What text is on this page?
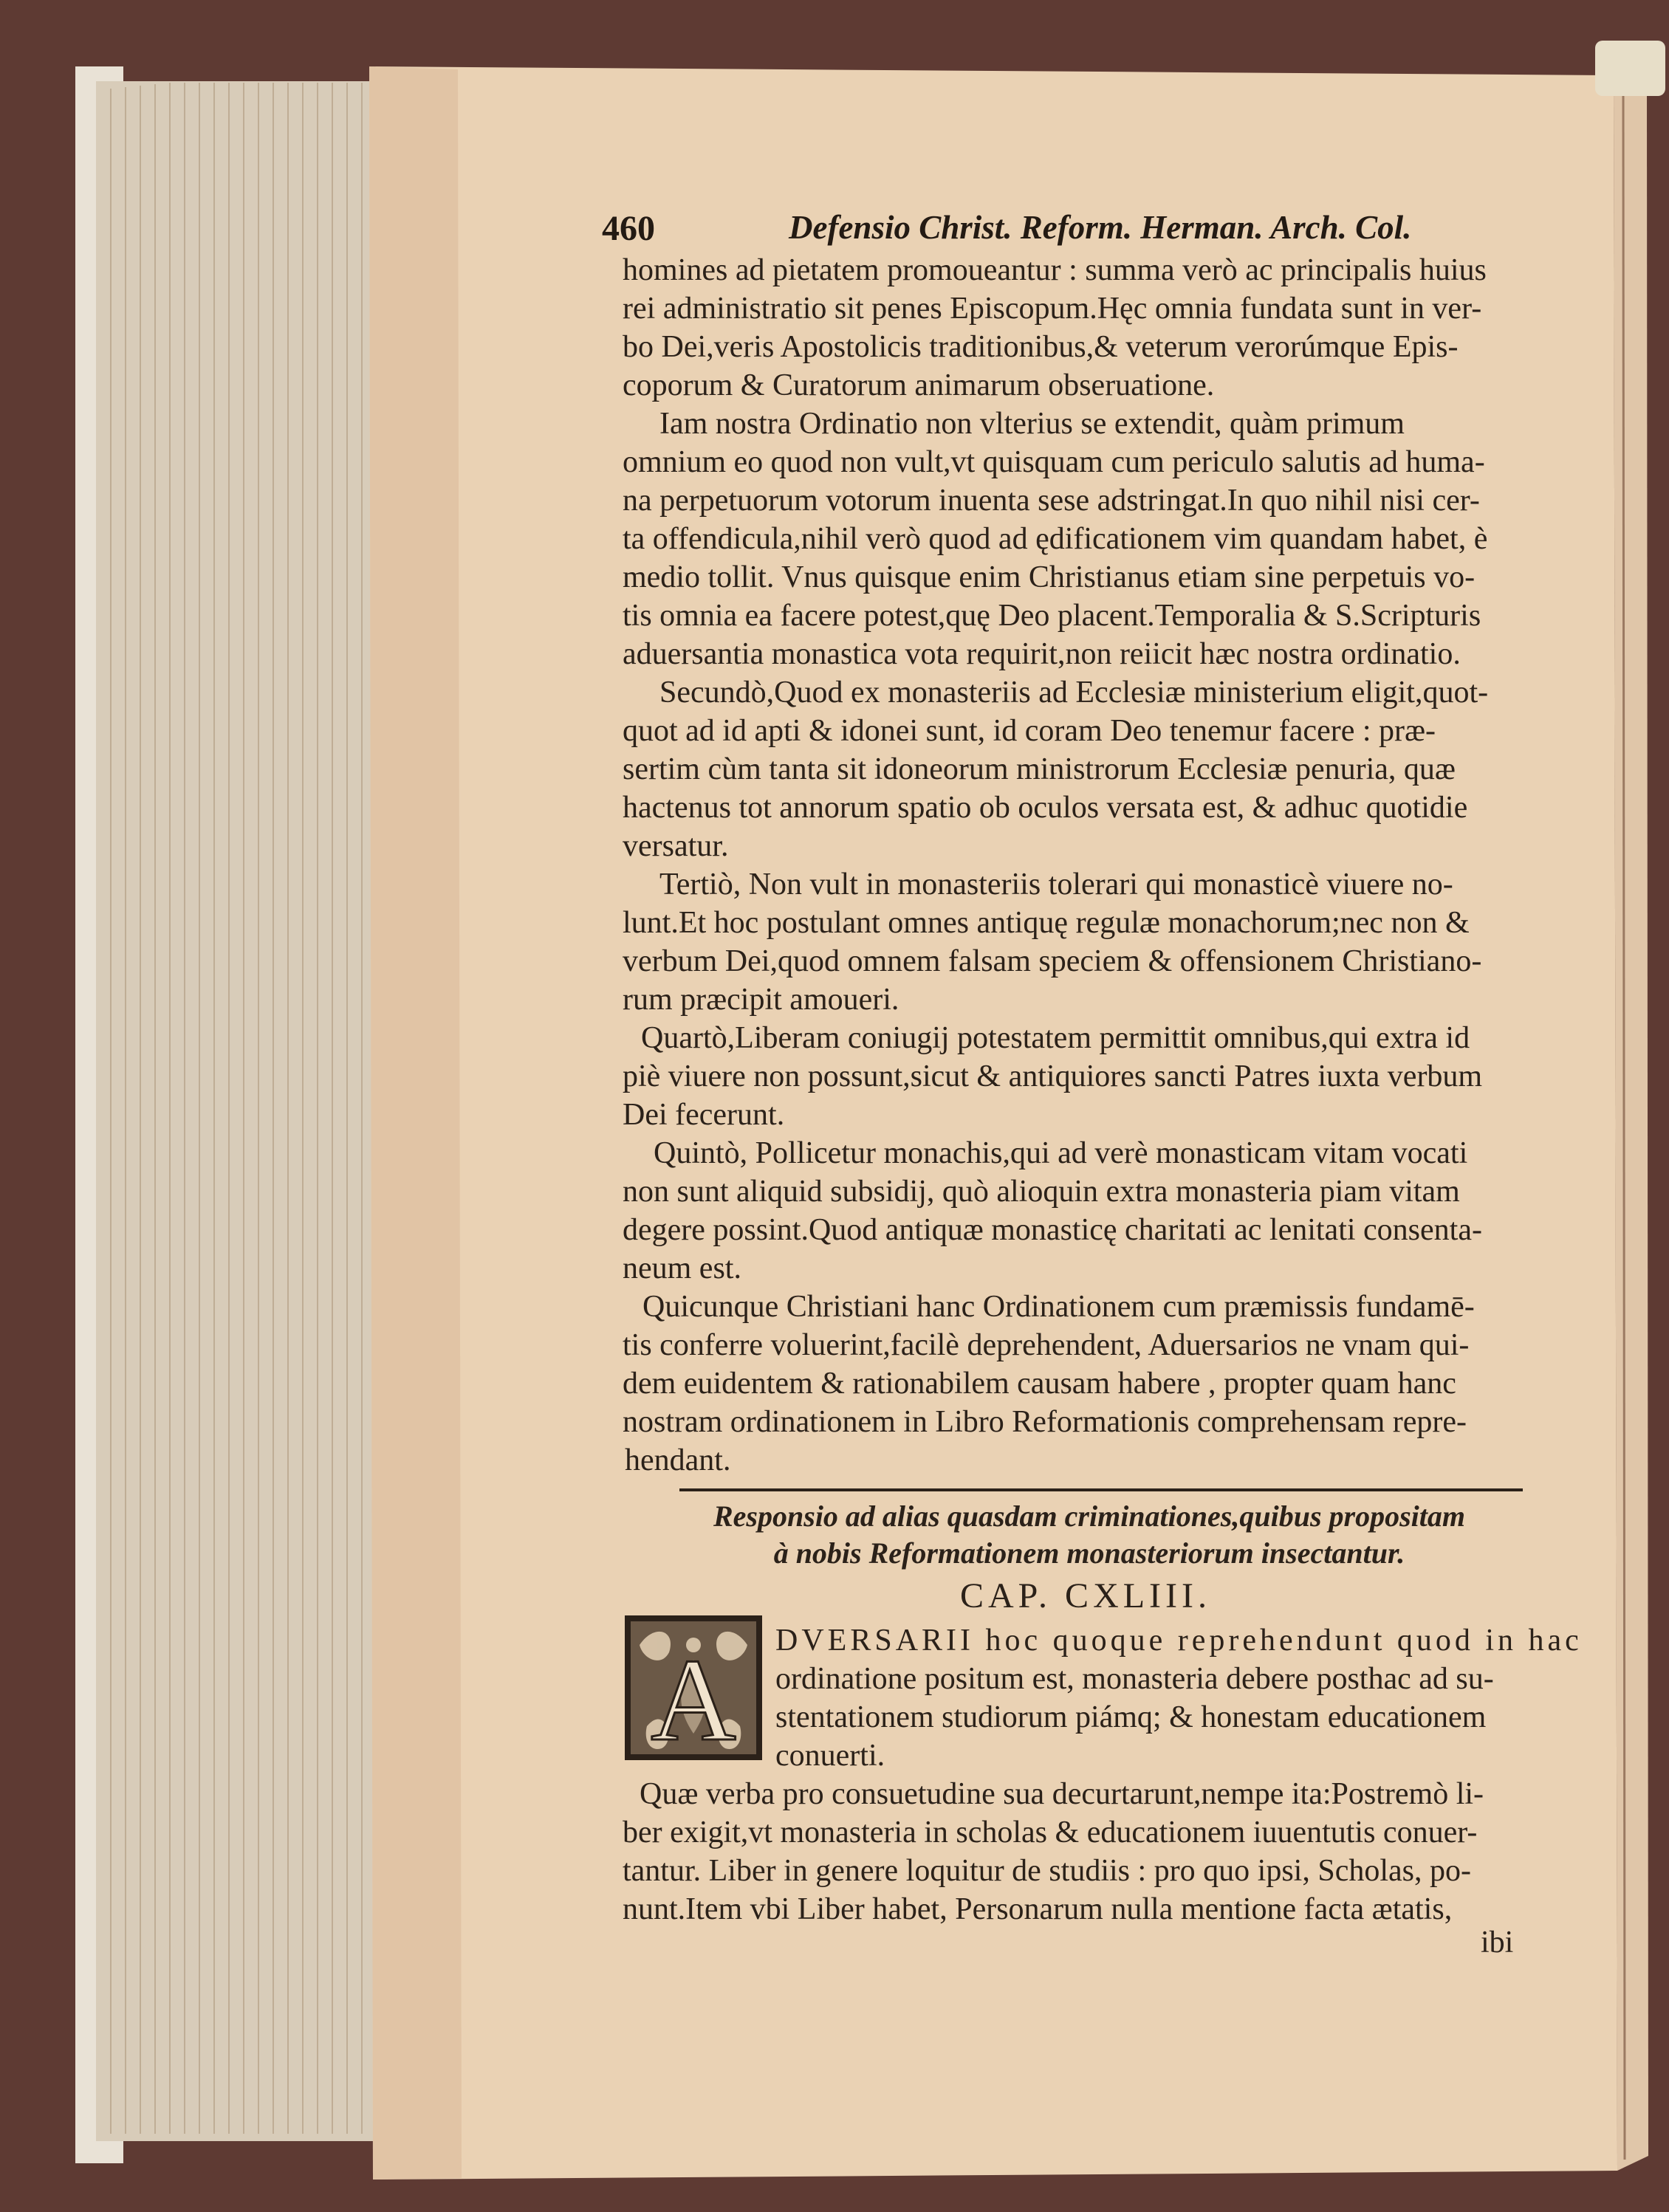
460	Defensio Christ. Reform. Herman. Arch. Col.
homines ad pietatem promoueantur : summa verò ac principalis huius
rei administratio sit penes Episcopum.Hęc omnia fundata sunt in ver-
bo Dei,veris Apostolicis traditionibus,& veterum verorúmque Epis-
coporum & Curatorum animarum obseruatione.
Iam nostra Ordinatio non vlterius se extendit, quàm primum
omnium eo quod non vult,vt quisquam cum periculo salutis ad huma-
na perpetuorum votorum inuenta sese adstringat.In quo nihil nisi cer-
ta offendicula,nihil verò quod ad ędificationem vim quandam habet, è
medio tollit. Vnus quisque enim Christianus etiam sine perpetuis vo-
tis omnia ea facere potest,quę Deo placent.Temporalia & S.Scripturis
aduersantia monastica vota requirit,non reiicit hæc nostra ordinatio.
Secundò,Quod ex monasteriis ad Ecclesiæ ministerium eligit,quot-
quot ad id apti & idonei sunt, id coram Deo tenemur facere : præ-
sertim cùm tanta sit idoneorum ministrorum Ecclesiæ penuria, quæ
hactenus tot annorum spatio ob oculos versata est, & adhuc quotidie
versatur.
Tertiò, Non vult in monasteriis tolerari qui monasticè viuere no-
lunt.Et hoc postulant omnes antiquę regulæ monachorum;nec non &
verbum Dei,quod omnem falsam speciem & offensionem Christiano-
rum præcipit amoueri.
Quartò,Liberam coniugij potestatem permittit omnibus,qui extra id
piè viuere non possunt,sicut & antiquiores sancti Patres iuxta verbum
Dei fecerunt.
Quintò, Pollicetur monachis,qui ad verè monasticam vitam vocati
non sunt aliquid subsidij, quò alioquin extra monasteria piam vitam
degere possint.Quod antiquæ monasticę charitati ac lenitati consenta-
neum est.
Quicunque Christiani hanc Ordinationem cum præmissis fundamē-
tis conferre voluerint,facilè deprehendent, Aduersarios ne vnam qui-
dem euidentem & rationabilem causam habere , propter quam hanc
nostram ordinationem in Libro Reformationis comprehensam repre-
hendant.
Responsio ad alias quasdam criminationes,quibus propositam
à nobis Reformationem monasteriorum insectantur.
CAP. CXLIII.
A DVERSARII hoc quoque reprehendunt quod in hac
ordinatione positum est, monasteria debere posthac ad su-
stentationem studiorum piámq; & honestam educationem
conuerti.
Quæ verba pro consuetudine sua decurtarunt,nempe ita:Postremò li-
ber exigit,vt monasteria in scholas & educationem iuuentutis conuer-
tantur. Liber in genere loquitur de studiis : pro quo ipsi, Scholas, po-
nunt.Item vbi Liber habet, Personarum nulla mentione facta ætatis,
ibi
